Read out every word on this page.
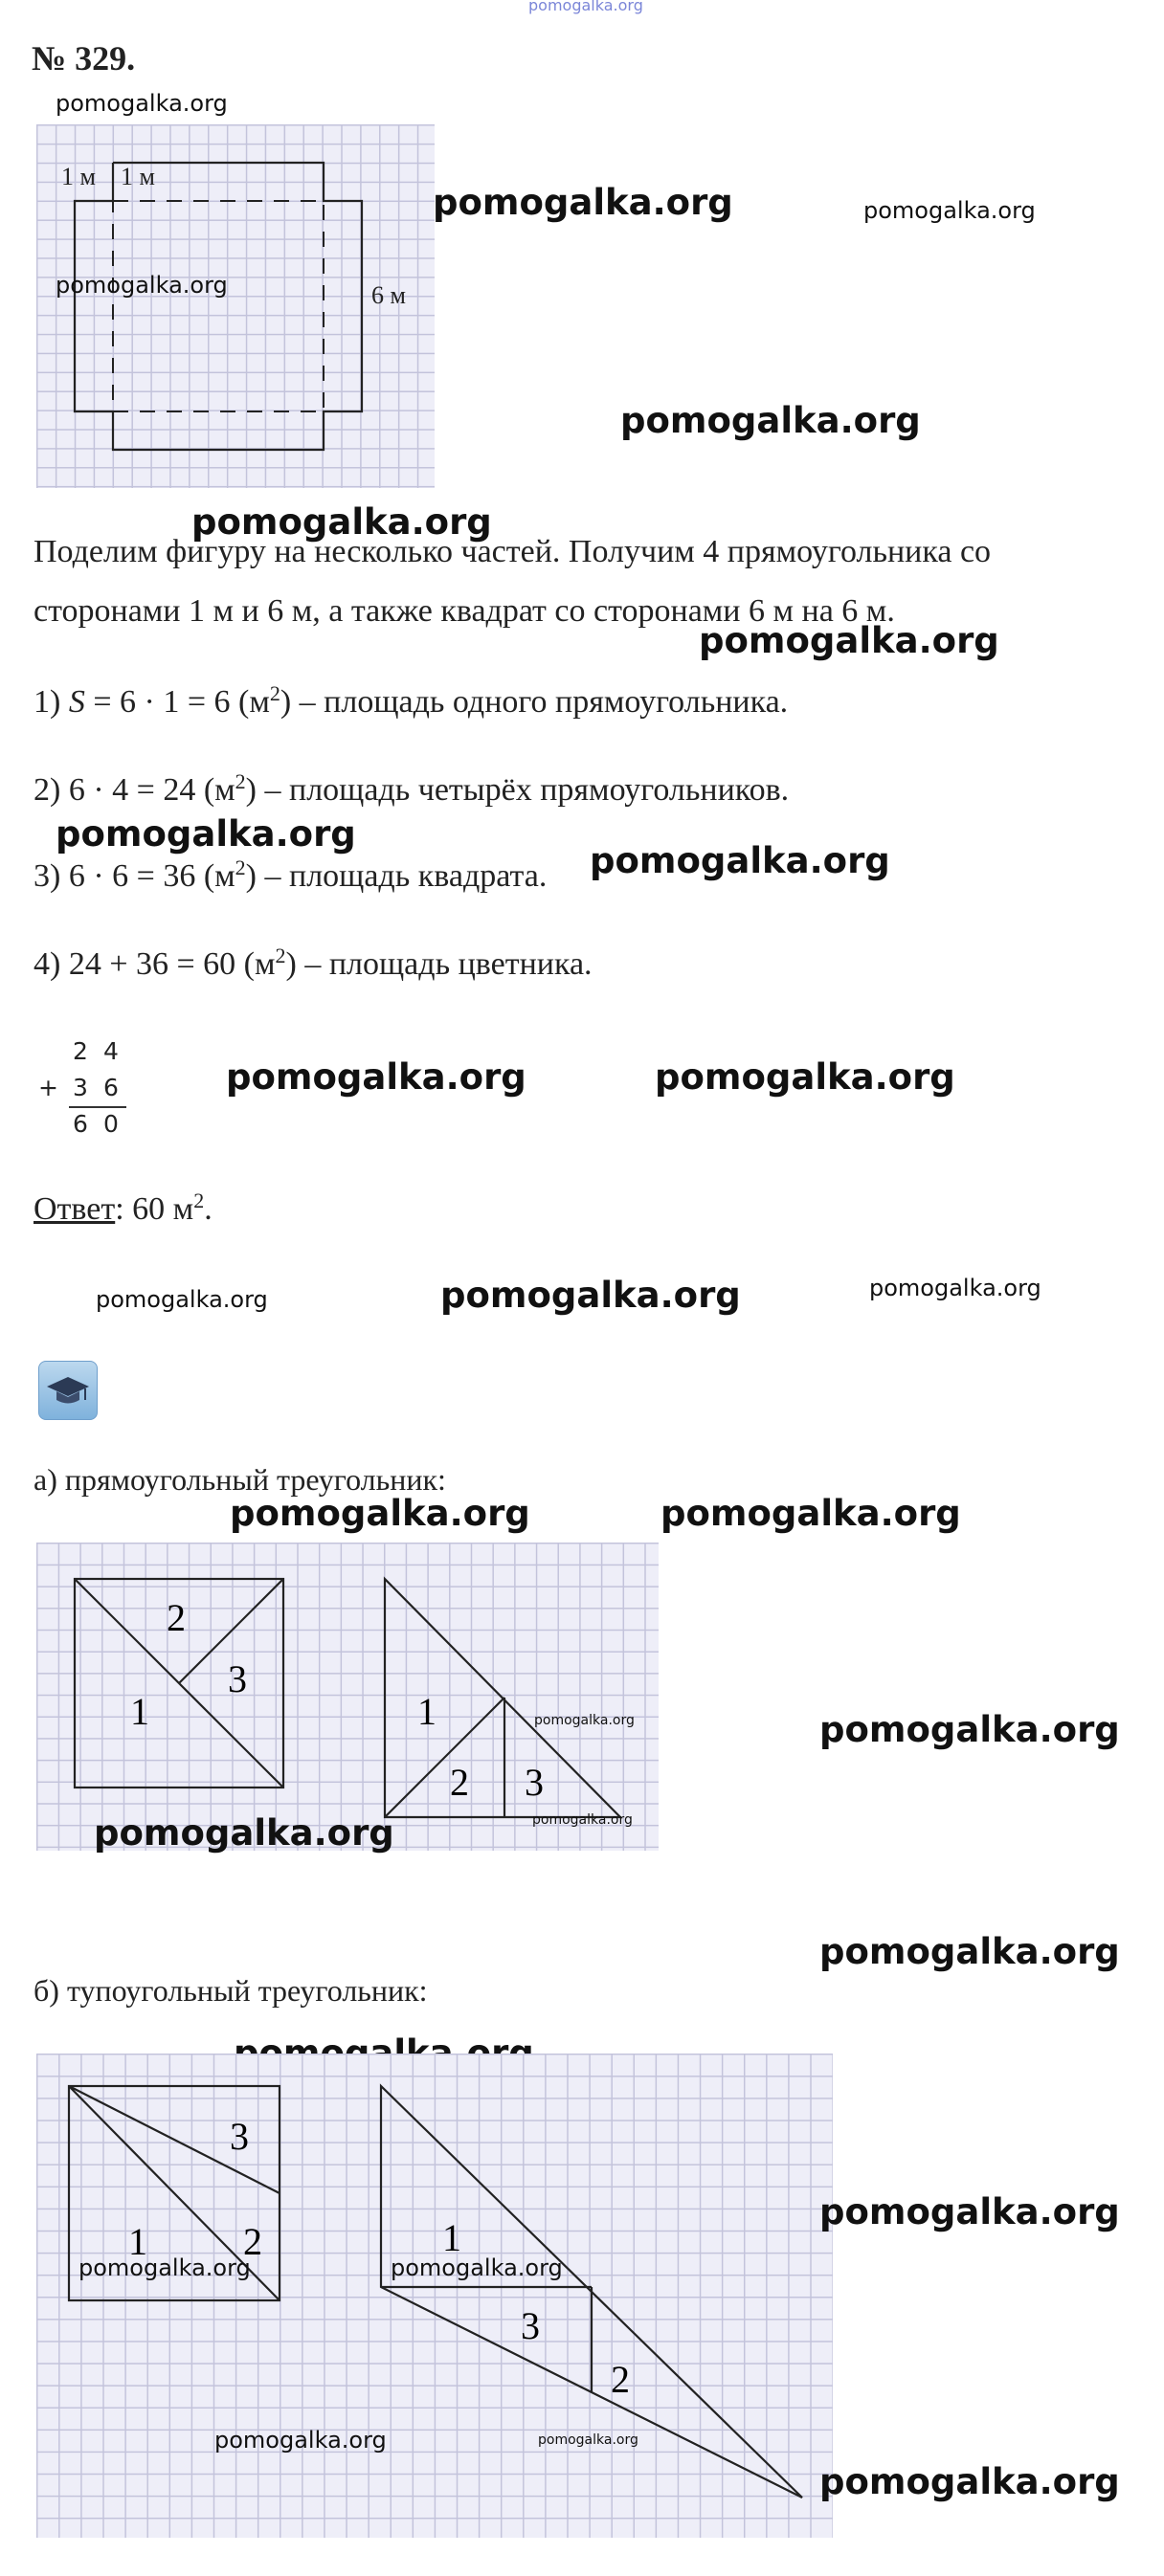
pomogalka.org
№ 329.
1 м 1 м
6 м
pomogalka.org
pomogalka.org
pomogalka.org	pomogalka.org
pomogalka.org
pomogalka.org
Поделим фигуру на несколько частей. Получим 4 прямоугольника со
сторонами 1 м и 6 м, а также квадрат со сторонами 6 м на 6 м.
pomogalka.org
1) S = 6 · 1 = 6 $(м^2)$ – площадь одного прямоугольника.
2) 6 · 4 = 24 $(м^2)$ – площадь четырёх прямоугольников.
pomogalka.org
3) 6 · 6 = 36 $(м^2)$ – площадь квадрата. pomogalka.org
4) 24 + 36 = 60 $(м^2)$ – площадь цветника.
2 4
+ 3 6
6 0
pomogalka.org	pomogalka.org
Ответ: 60 $м^2$.
pomogalka.org	pomogalka.org	pomogalka.org
а) прямоугольный треугольник:
pomogalka.org	pomogalka.org
2
3
1	1
2 3
pomogalka.org
pomogalka.org
pomogalka.org
pomogalka.org
pomogalka.org
б) тупоугольный треугольник:
3
1	2	1
3
2
pomogalka.org	pomogalka.org
pomogalka.org
pomogalka.org	pomogalka.org
pomogalka.org
